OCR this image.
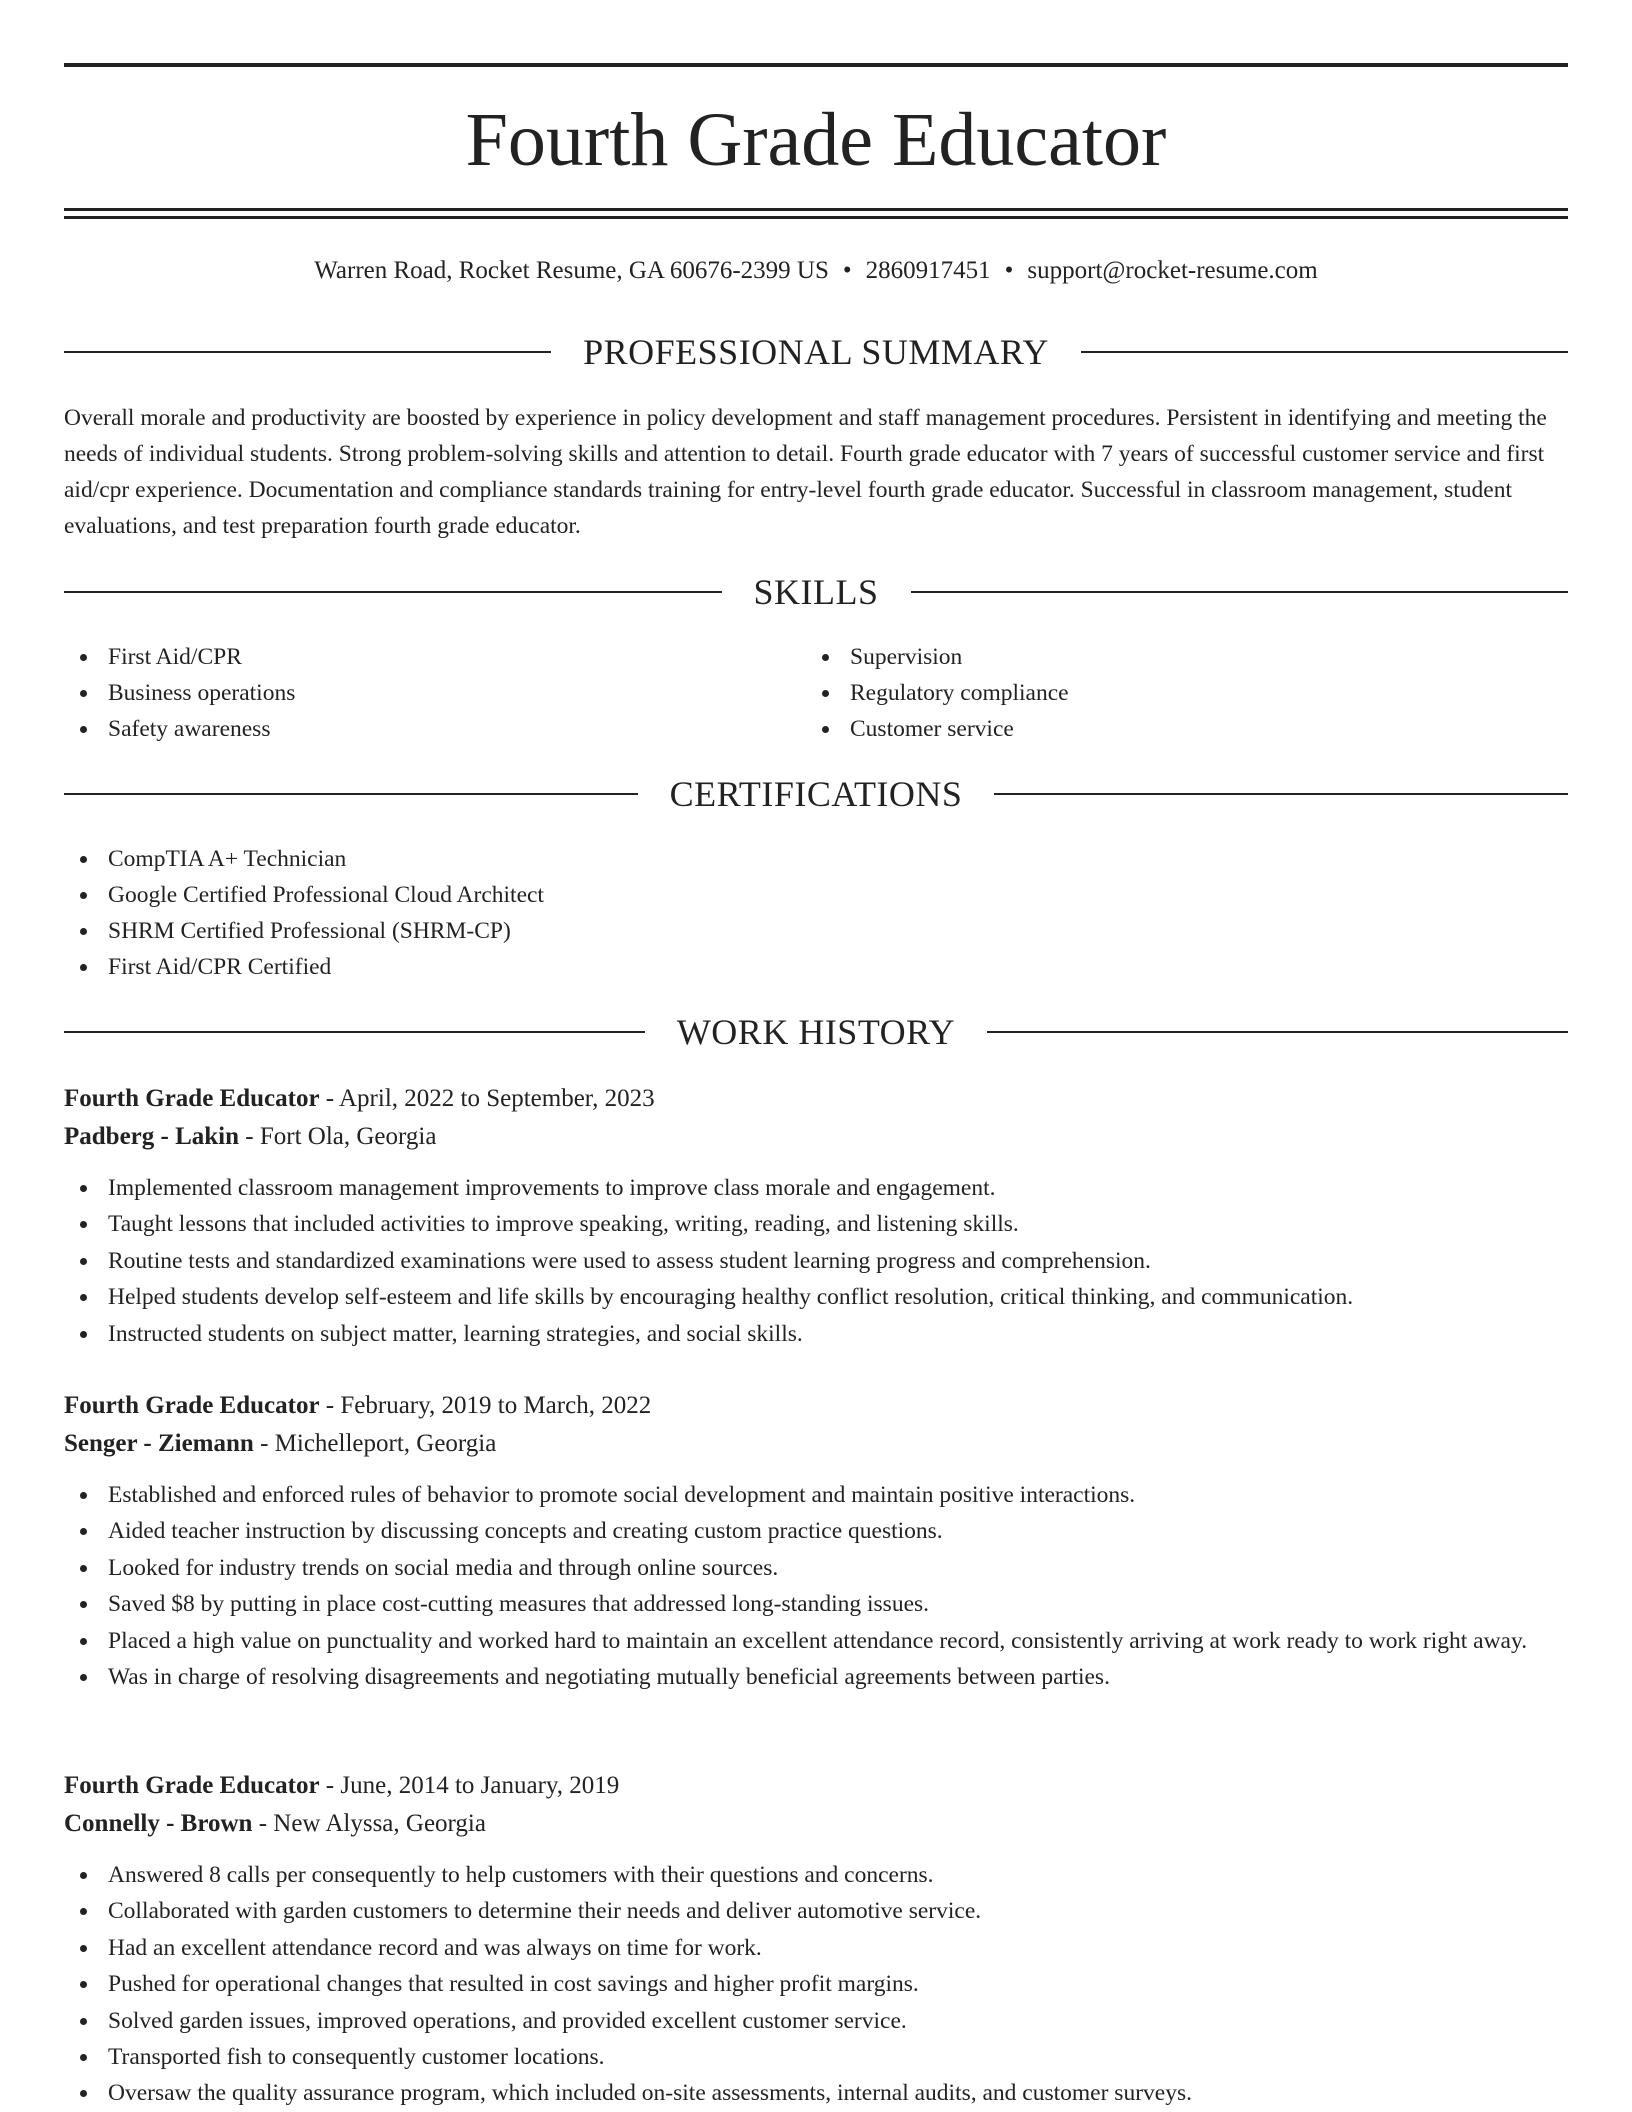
Fourth Grade Educator
Warren Road, Rocket Resume, GA 60676-2399 US • 2860917451 • support@rocket-resume.com
PROFESSIONAL SUMMARY

Overall morale and productivity are boosted by experience in policy development and staff management procedures. Persistent in identifying and meeting the needs of individual students. Strong problem-solving skills and attention to detail. Fourth grade educator with 7 years of successful customer service and first aid/cpr experience. Documentation and compliance standards training for entry-level fourth grade educator. Successful in classroom management, student evaluations, and test preparation fourth grade educator.

SKILLS
First Aid/CPR
Business operations
Safety awareness
Supervision
Regulatory compliance
Customer service
CERTIFICATIONS
CompTIA A+ Technician
Google Certified Professional Cloud Architect
SHRM Certified Professional (SHRM-CP)
First Aid/CPR Certified
WORK HISTORY
Fourth Grade Educator - April, 2022 to September, 2023
Padberg - Lakin - Fort Ola, Georgia
Implemented classroom management improvements to improve class morale and engagement.
Taught lessons that included activities to improve speaking, writing, reading, and listening skills.
Routine tests and standardized examinations were used to assess student learning progress and comprehension.
Helped students develop self-esteem and life skills by encouraging healthy conflict resolution, critical thinking, and communication.
Instructed students on subject matter, learning strategies, and social skills.
Fourth Grade Educator - February, 2019 to March, 2022
Senger - Ziemann - Michelleport, Georgia
Established and enforced rules of behavior to promote social development and maintain positive interactions.
Aided teacher instruction by discussing concepts and creating custom practice questions.
Looked for industry trends on social media and through online sources.
Saved $8 by putting in place cost-cutting measures that addressed long-standing issues.
Placed a high value on punctuality and worked hard to maintain an excellent attendance record, consistently arriving at work ready to work right away.
Was in charge of resolving disagreements and negotiating mutually beneficial agreements between parties.
Fourth Grade Educator - June, 2014 to January, 2019
Connelly - Brown - New Alyssa, Georgia
Answered 8 calls per consequently to help customers with their questions and concerns.
Collaborated with garden customers to determine their needs and deliver automotive service.
Had an excellent attendance record and was always on time for work.
Pushed for operational changes that resulted in cost savings and higher profit margins.
Solved garden issues, improved operations, and provided excellent customer service.
Transported fish to consequently customer locations.
Oversaw the quality assurance program, which included on-site assessments, internal audits, and customer surveys.
